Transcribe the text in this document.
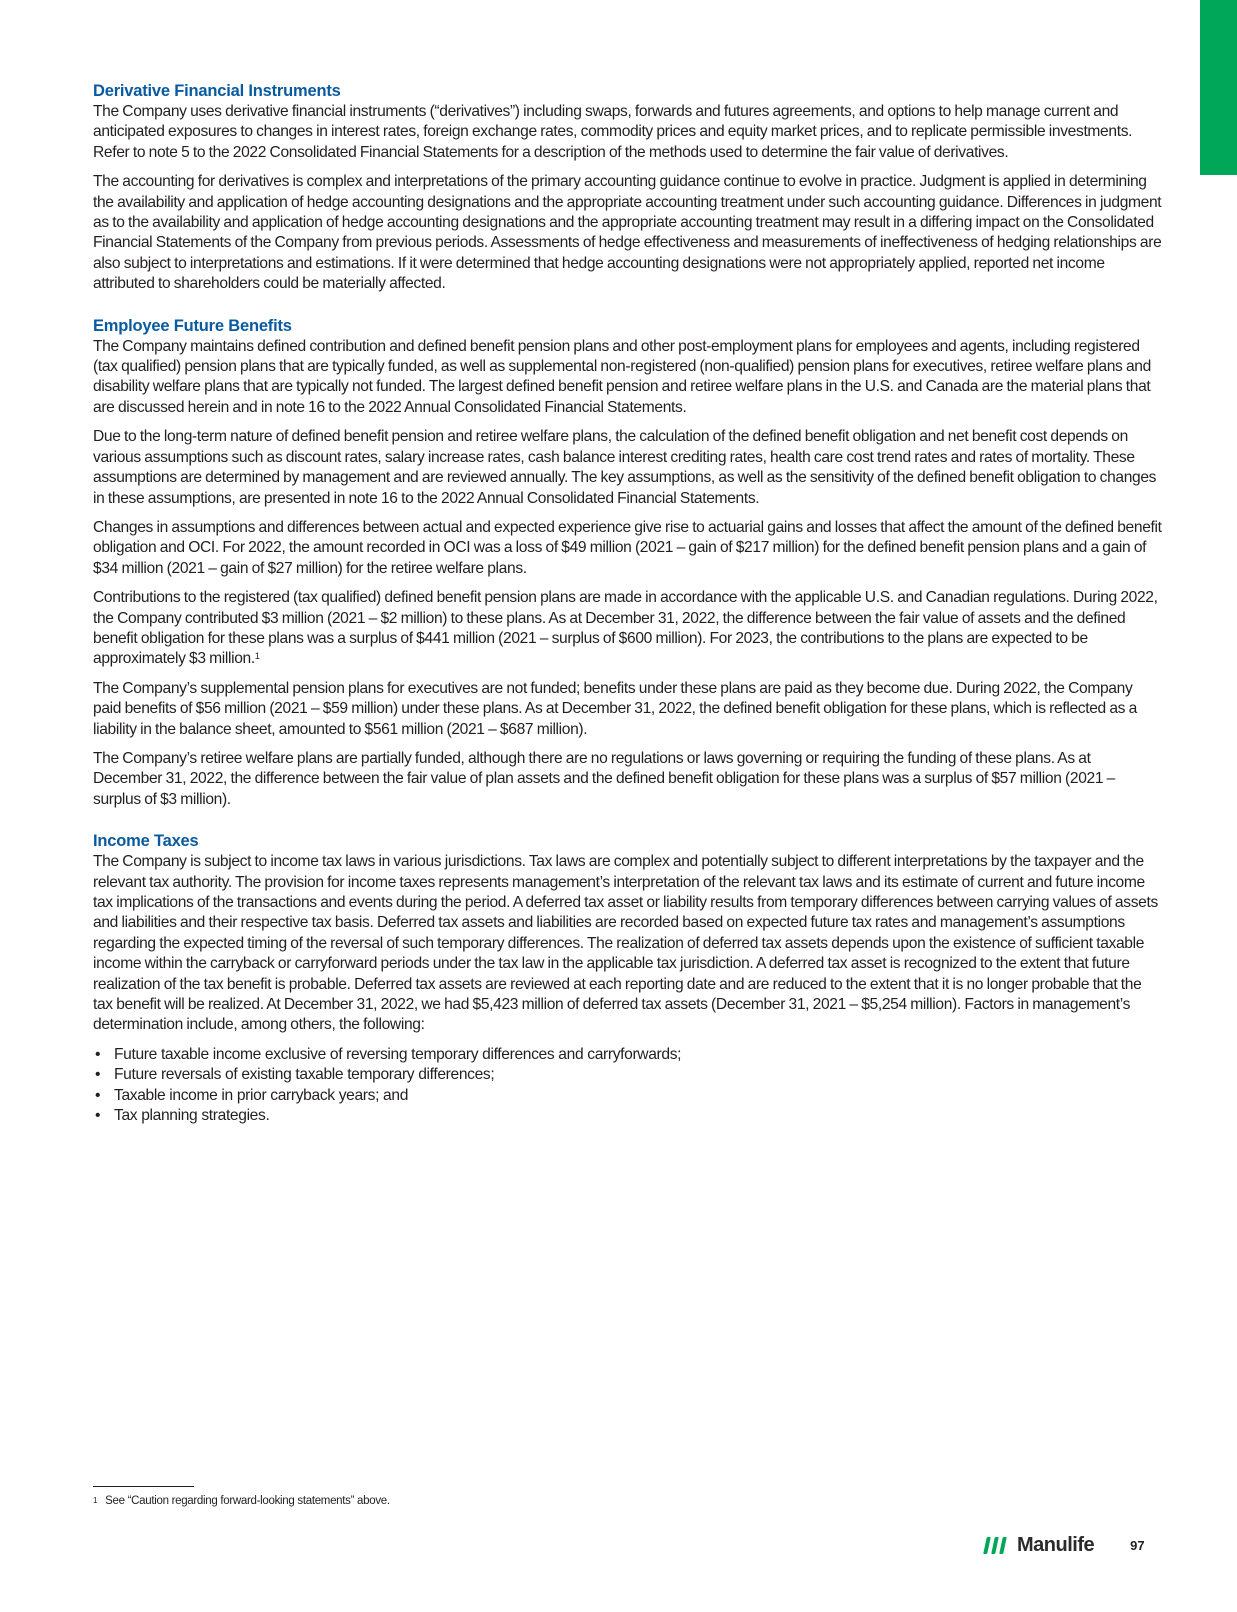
Derivative Financial Instruments

The Company uses derivative financial instruments (“derivatives”) including swaps, forwards and futures agreements, and options to help manage current and anticipated exposures to changes in interest rates, foreign exchange rates, commodity prices and equity market prices, and to replicate permissible investments. Refer to note 5 to the 2022 Consolidated Financial Statements for a description of the methods used to determine the fair value of derivatives.

The accounting for derivatives is complex and interpretations of the primary accounting guidance continue to evolve in practice. Judgment is applied in determining the availability and application of hedge accounting designations and the appropriate accounting treatment under such accounting guidance. Differences in judgment as to the availability and application of hedge accounting designations and the appropriate accounting treatment may result in a differing impact on the Consolidated Financial Statements of the Company from previous periods. Assessments of hedge effectiveness and measurements of ineffectiveness of hedging relationships are also subject to interpretations and estimations. If it were determined that hedge accounting designations were not appropriately applied, reported net income attributed to shareholders could be materially affected.

Employee Future Benefits

The Company maintains defined contribution and defined benefit pension plans and other post-employment plans for employees and agents, including registered (tax qualified) pension plans that are typically funded, as well as supplemental non-registered (non-qualified) pension plans for executives, retiree welfare plans and disability welfare plans that are typically not funded. The largest defined benefit pension and retiree welfare plans in the U.S. and Canada are the material plans that are discussed herein and in note 16 to the 2022 Annual Consolidated Financial Statements.

Due to the long-term nature of defined benefit pension and retiree welfare plans, the calculation of the defined benefit obligation and net benefit cost depends on various assumptions such as discount rates, salary increase rates, cash balance interest crediting rates, health care cost trend rates and rates of mortality. These assumptions are determined by management and are reviewed annually. The key assumptions, as well as the sensitivity of the defined benefit obligation to changes in these assumptions, are presented in note 16 to the 2022 Annual Consolidated Financial Statements.

Changes in assumptions and differences between actual and expected experience give rise to actuarial gains and losses that affect the amount of the defined benefit obligation and OCI. For 2022, the amount recorded in OCI was a loss of $49 million (2021 – gain of $217 million) for the defined benefit pension plans and a gain of $34 million (2021 – gain of $27 million) for the retiree welfare plans.

Contributions to the registered (tax qualified) defined benefit pension plans are made in accordance with the applicable U.S. and Canadian regulations. During 2022, the Company contributed $3 million (2021 – $2 million) to these plans. As at December 31, 2022, the difference between the fair value of assets and the defined benefit obligation for these plans was a surplus of $441 million (2021 – surplus of $600 million). For 2023, the contributions to the plans are expected to be approximately $3 million.$^1$

The Company’s supplemental pension plans for executives are not funded; benefits under these plans are paid as they become due. During 2022, the Company paid benefits of $56 million (2021 – $59 million) under these plans. As at December 31, 2022, the defined benefit obligation for these plans, which is reflected as a liability in the balance sheet, amounted to $561 million (2021 – $687 million).

The Company’s retiree welfare plans are partially funded, although there are no regulations or laws governing or requiring the funding of these plans. As at December 31, 2022, the difference between the fair value of plan assets and the defined benefit obligation for these plans was a surplus of $57 million (2021 – surplus of $3 million).

Income Taxes

The Company is subject to income tax laws in various jurisdictions. Tax laws are complex and potentially subject to different interpretations by the taxpayer and the relevant tax authority. The provision for income taxes represents management’s interpretation of the relevant tax laws and its estimate of current and future income tax implications of the transactions and events during the period. A deferred tax asset or liability results from temporary differences between carrying values of assets and liabilities and their respective tax basis. Deferred tax assets and liabilities are recorded based on expected future tax rates and management’s assumptions regarding the expected timing of the reversal of such temporary differences. The realization of deferred tax assets depends upon the existence of sufficient taxable income within the carryback or carryforward periods under the tax law in the applicable tax jurisdiction. A deferred tax asset is recognized to the extent that future realization of the tax benefit is probable. Deferred tax assets are reviewed at each reporting date and are reduced to the extent that it is no longer probable that the tax benefit will be realized. At December 31, 2022, we had $5,423 million of deferred tax assets (December 31, 2021 – $5,254 million). Factors in management’s determination include, among others, the following:

• Future taxable income exclusive of reversing temporary differences and carryforwards;
• Future reversals of existing taxable temporary differences;
• Taxable income in prior carryback years; and
• Tax planning strategies.
$^1$ See “Caution regarding forward-looking statements” above.
Manulife	97
